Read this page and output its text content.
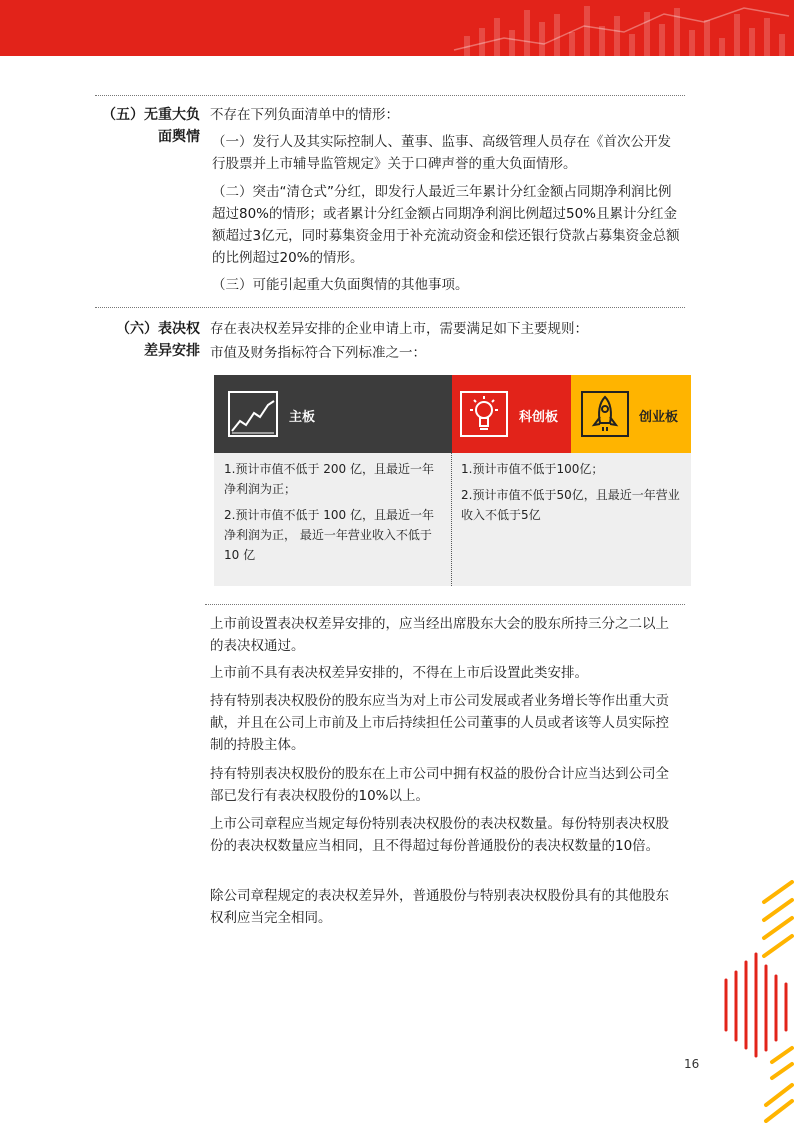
（五）无重大负
面舆情

不存在下列负面清单中的情形：

（一）发行人及其实际控制人、董事、监事、高级管理人员存在《首次公开发行股票并上市辅导监管规定》关于口碑声誉的重大负面情形。

（二）突击“清仓式”分红，即发行人最近三年累计分红金额占同期净利润比例超过80%的情形；或者累计分红金额占同期净利润比例超过50%且累计分红金额超过3亿元，同时募集资金用于补充流动资金和偿还银行贷款占募集资金总额的比例超过20%的情形。

（三）可能引起重大负面舆情的其他事项。

（六）表决权
差异安排

存在表决权差异安排的企业申请上市，需要满足如下主要规则：

市值及财务指标符合下列标准之一：

主板	科创板	创业板

1.预计市值不低于 200 亿，且最近一年净利润为正；

2.预计市值不低于 100 亿，且最近一年净利润为正， 最近一年营业收入不低于 10 亿

1.预计市值不低于100亿；

2.预计市值不低于50亿，且最近一年营业收入不低于5亿

上市前设置表决权差异安排的，应当经出席股东大会的股东所持三分之二以上的表决权通过。

上市前不具有表决权差异安排的，不得在上市后设置此类安排。

持有特别表决权股份的股东应当为对上市公司发展或者业务增长等作出重大贡献，并且在公司上市前及上市后持续担任公司董事的人员或者该等人员实际控制的持股主体。

持有特别表决权股份的股东在上市公司中拥有权益的股份合计应当达到公司全部已发行有表决权股份的10%以上。

上市公司章程应当规定每份特别表决权股份的表决权数量。每份特别表决权股份的表决权数量应当相同，且不得超过每份普通股份的表决权数量的10倍。

除公司章程规定的表决权差异外，普通股份与特别表决权股份具有的其他股东权利应当完全相同。

16
